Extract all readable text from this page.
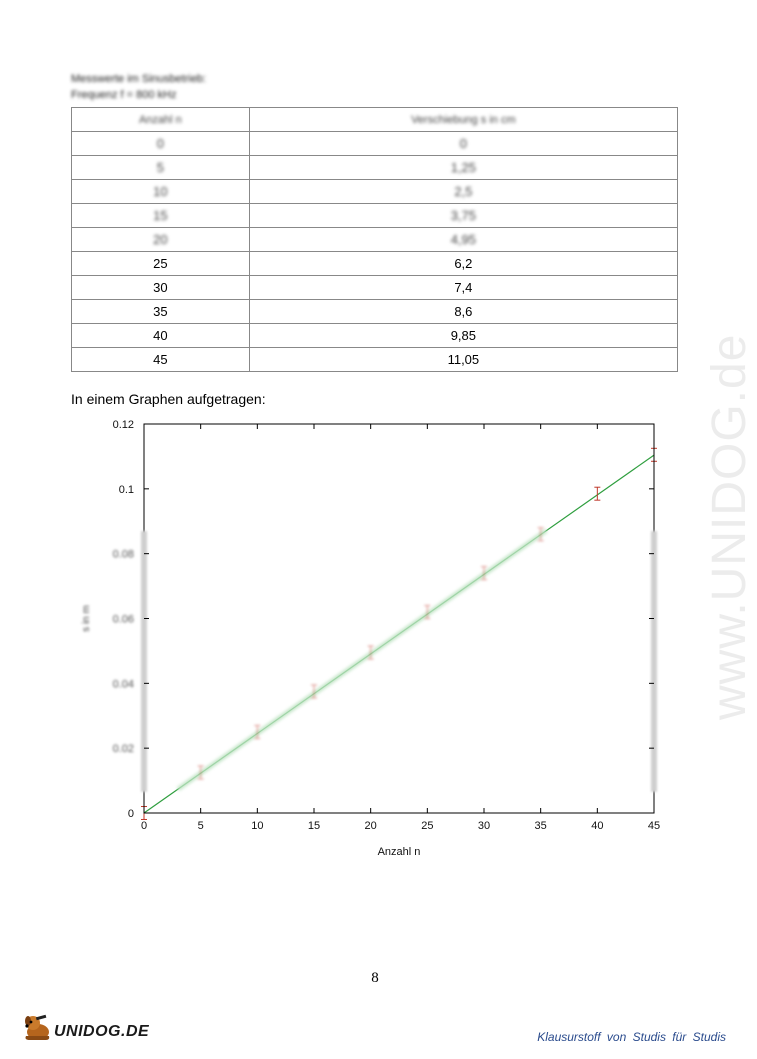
Messwerte im Sinusbetrieb:
Frequenz f = 800 kHz
Anzahl n	Verschiebung s in cm
0	0
5	1,25
10	2,5
15	3,75
20	4,95
25	6,2
30	7,4
35	8,6
40	9,85
45	11,05
In einem Graphen aufgetragen:
0	5	10	15	20	25	30	35	40	45
0
0.02
0.04
0.06
0.08
0.1
0.12
Anzahl n
s in m	www.UNIDOG.de
8
UNIDOG.DE	Klausurstoff von Studis für Studis
